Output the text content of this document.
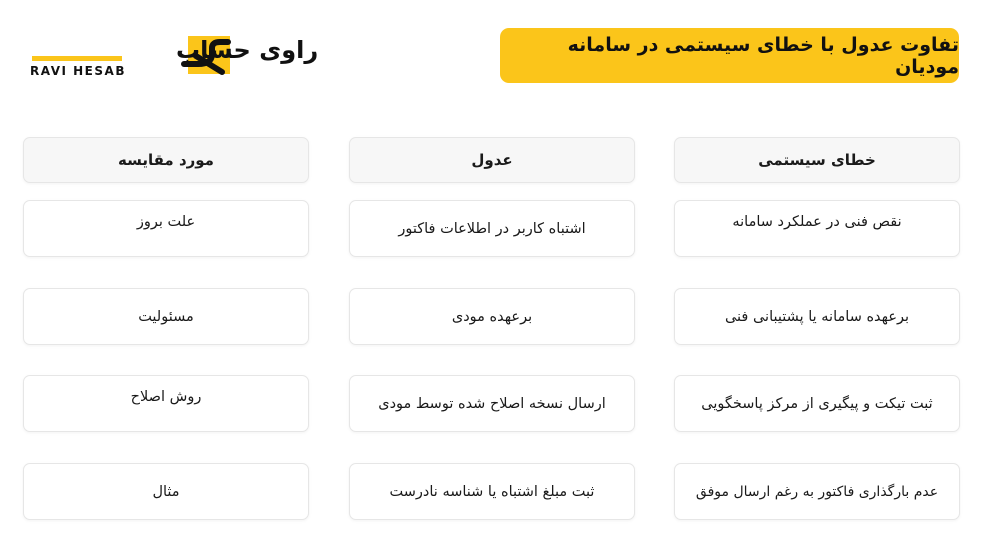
راوی حساب
RAVI HESAB
تفاوت عدول با خطای سیستمی در سامانه مودیان
خطای سیستمی
عدول
مورد مقایسه
نقص فنی در عملکرد سامانه
اشتباه کاربر در اطلاعات فاکتور
علت بروز
برعهده سامانه یا پشتیبانی فنی
برعهده مودی
مسئولیت
ثبت تیکت و پیگیری از مرکز پاسخگویی
ارسال نسخه اصلاح شده توسط مودی
روش اصلاح
عدم بارگذاری فاکتور به رغم ارسال موفق
ثبت مبلغ اشتباه یا شناسه نادرست
مثال
